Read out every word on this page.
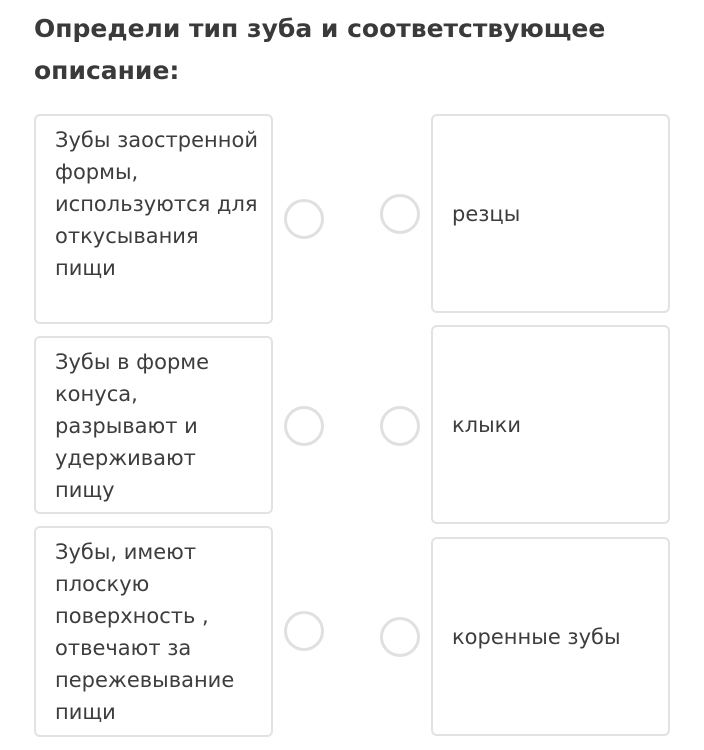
Определи тип зуба и соответствующее описание:
Зубы заостренной формы, используются для откусывания пищи
Зубы в форме конуса, разрывают и удерживают пищу
Зубы, имеют плоскую поверхность , отвечают за пережевывание пищи
резцы
клыки
коренные зубы
